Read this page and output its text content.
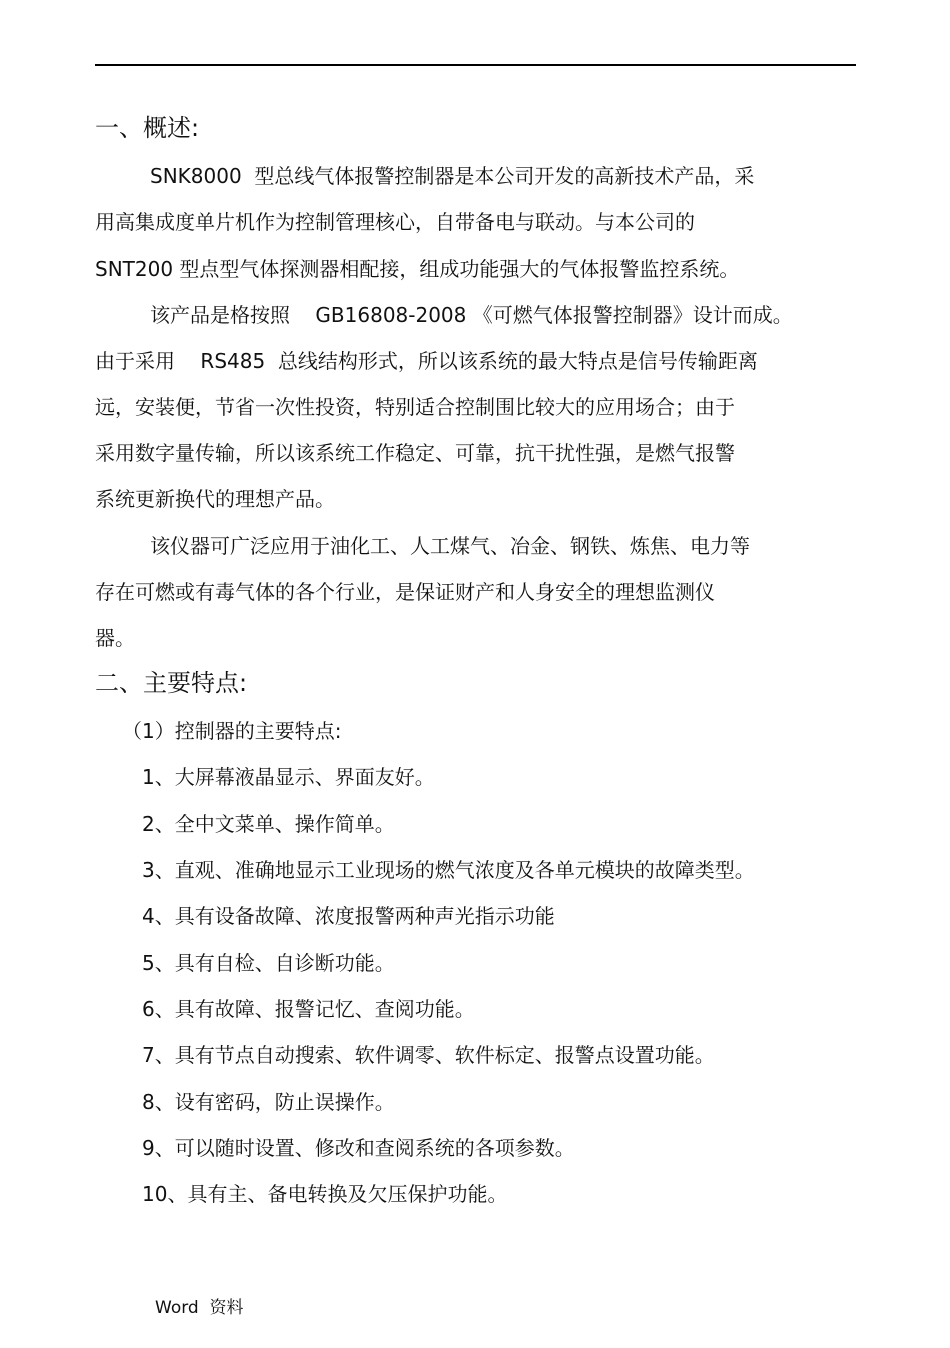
一、概述:
SNK8000  型总线气体报警控制器是本公司开发的高新技术产品，采
用高集成度单片机作为控制管理核心，自带备电与联动。与本公司的
SNT200 型点型气体探测器相配接，组成功能强大的气体报警监控系统。
该产品是格按照    GB16808-2008 《可燃气体报警控制器》设计而成。
由于采用    RS485  总线结构形式，所以该系统的最大特点是信号传输距离
远，安装便，节省一次性投资，特别适合控制围比较大的应用场合；由于
采用数字量传输，所以该系统工作稳定、可靠，抗干扰性强，是燃气报警
系统更新换代的理想产品。
该仪器可广泛应用于油化工、人工煤气、冶金、钢铁、炼焦、电力等
存在可燃或有毒气体的各个行业，是保证财产和人身安全的理想监测仪
器。
二、主要特点:
（1）控制器的主要特点:
1、大屏幕液晶显示、界面友好。
2、全中文菜单、操作简单。
3、直观、准确地显示工业现场的燃气浓度及各单元模块的故障类型。
4、具有设备故障、浓度报警两种声光指示功能
5、具有自检、自诊断功能。
6、具有故障、报警记忆、查阅功能。
7、具有节点自动搜索、软件调零、软件标定、报警点设置功能。
8、设有密码，防止误操作。
9、可以随时设置、修改和查阅系统的各项参数。
10、具有主、备电转换及欠压保护功能。
Word  资料
